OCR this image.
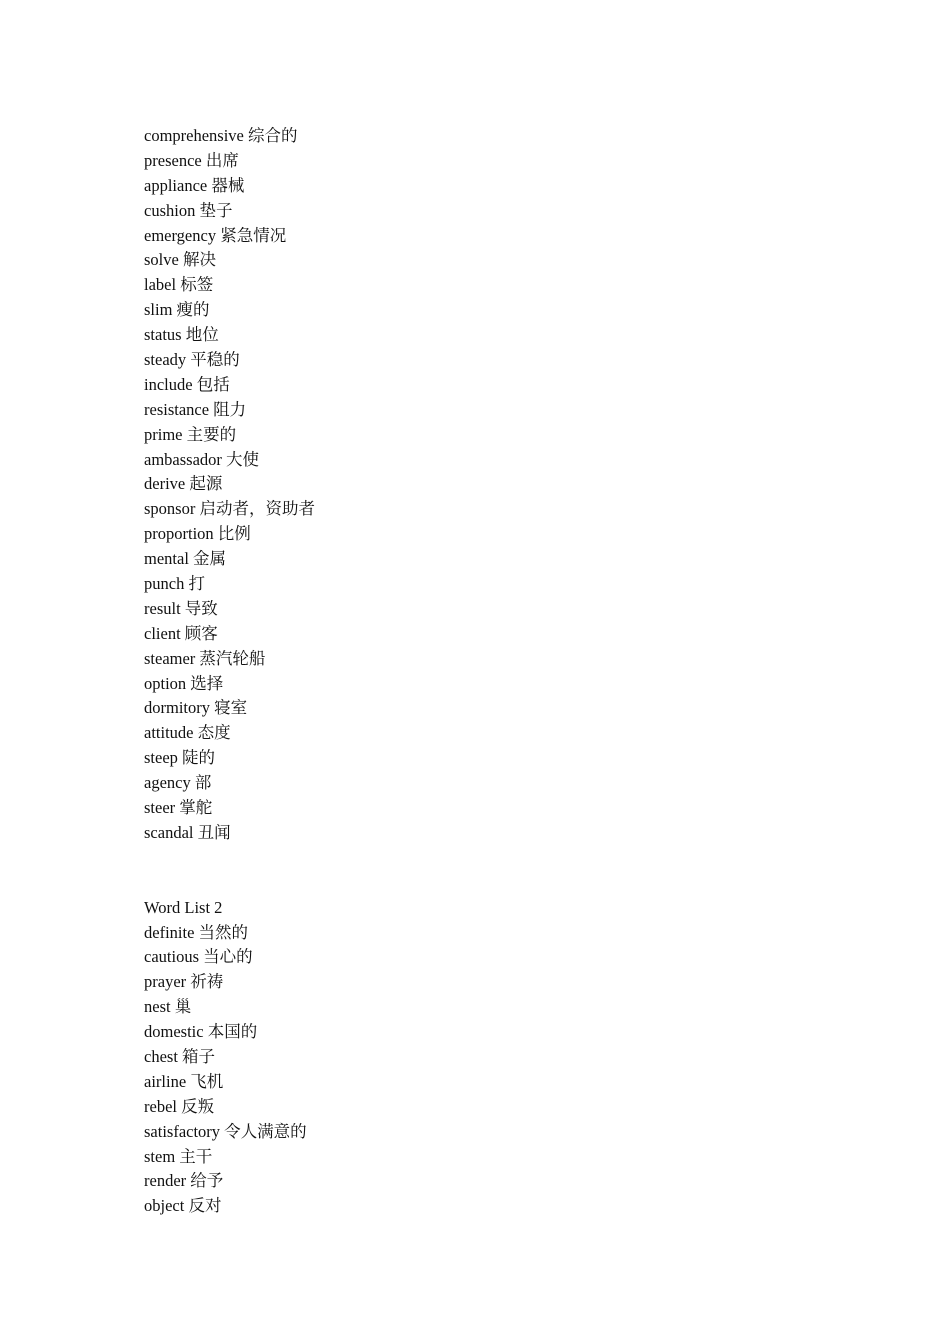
comprehensive 综合的
presence 出席
appliance 器械
cushion 垫子
emergency 紧急情况
solve 解决
label 标签
slim 瘦的
status 地位
steady 平稳的
include 包括
resistance 阻力
prime 主要的
ambassador 大使
derive 起源
sponsor 启动者，资助者
proportion 比例
mental 金属
punch 打
result 导致
client 顾客
steamer 蒸汽轮船
option 选择
dormitory 寝室
attitude 态度
steep 陡的
agency 部
steer 掌舵
scandal 丑闻
Word List 2
definite 当然的
cautious 当心的
prayer 祈祷
nest 巢
domestic 本国的
chest 箱子
airline 飞机
rebel 反叛
satisfactory 令人满意的
stem 主干
render 给予
object 反对
